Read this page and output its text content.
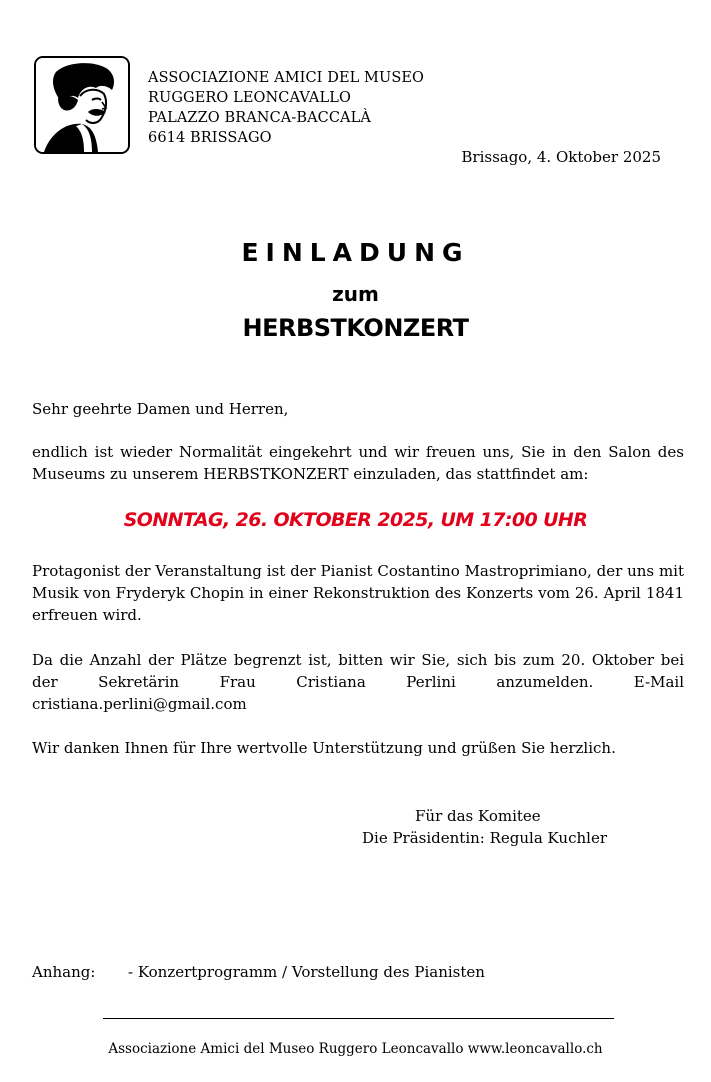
ASSOCIAZIONE AMICI DEL MUSEO
RUGGERO LEONCAVALLO
PALAZZO BRANCA-BACCALÀ
6614 BRISSAGO
Brissago, 4. Oktober 2025
EINLADUNG
zum
HERBSTKONZERT
Sehr geehrte Damen und Herren,
endlich ist wieder Normalität eingekehrt und wir freuen uns, Sie in den Salon des Museums zu unserem HERBSTKONZERT einzuladen, das stattfindet am:
SONNTAG, 26. OKTOBER 2025, UM 17:00 UHR
Protagonist der Veranstaltung ist der Pianist Costantino Mastroprimiano, der uns mit Musik von Fryderyk Chopin in einer Rekonstruktion des Konzerts vom 26. April 1841 erfreuen wird.
Da die Anzahl der Plätze begrenzt ist, bitten wir Sie, sich bis zum 20. Oktober bei der Sekretärin Frau Cristiana Perlini anzumelden. E-Mail cristiana.perlini@gmail.com
Wir danken Ihnen für Ihre wertvolle Unterstützung und grüßen Sie herzlich.
Für das Komitee
Die Präsidentin: Regula Kuchler
Anhang: - Konzertprogramm / Vorstellung des Pianisten
Associazione Amici del Museo Ruggero Leoncavallo www.leoncavallo.ch
